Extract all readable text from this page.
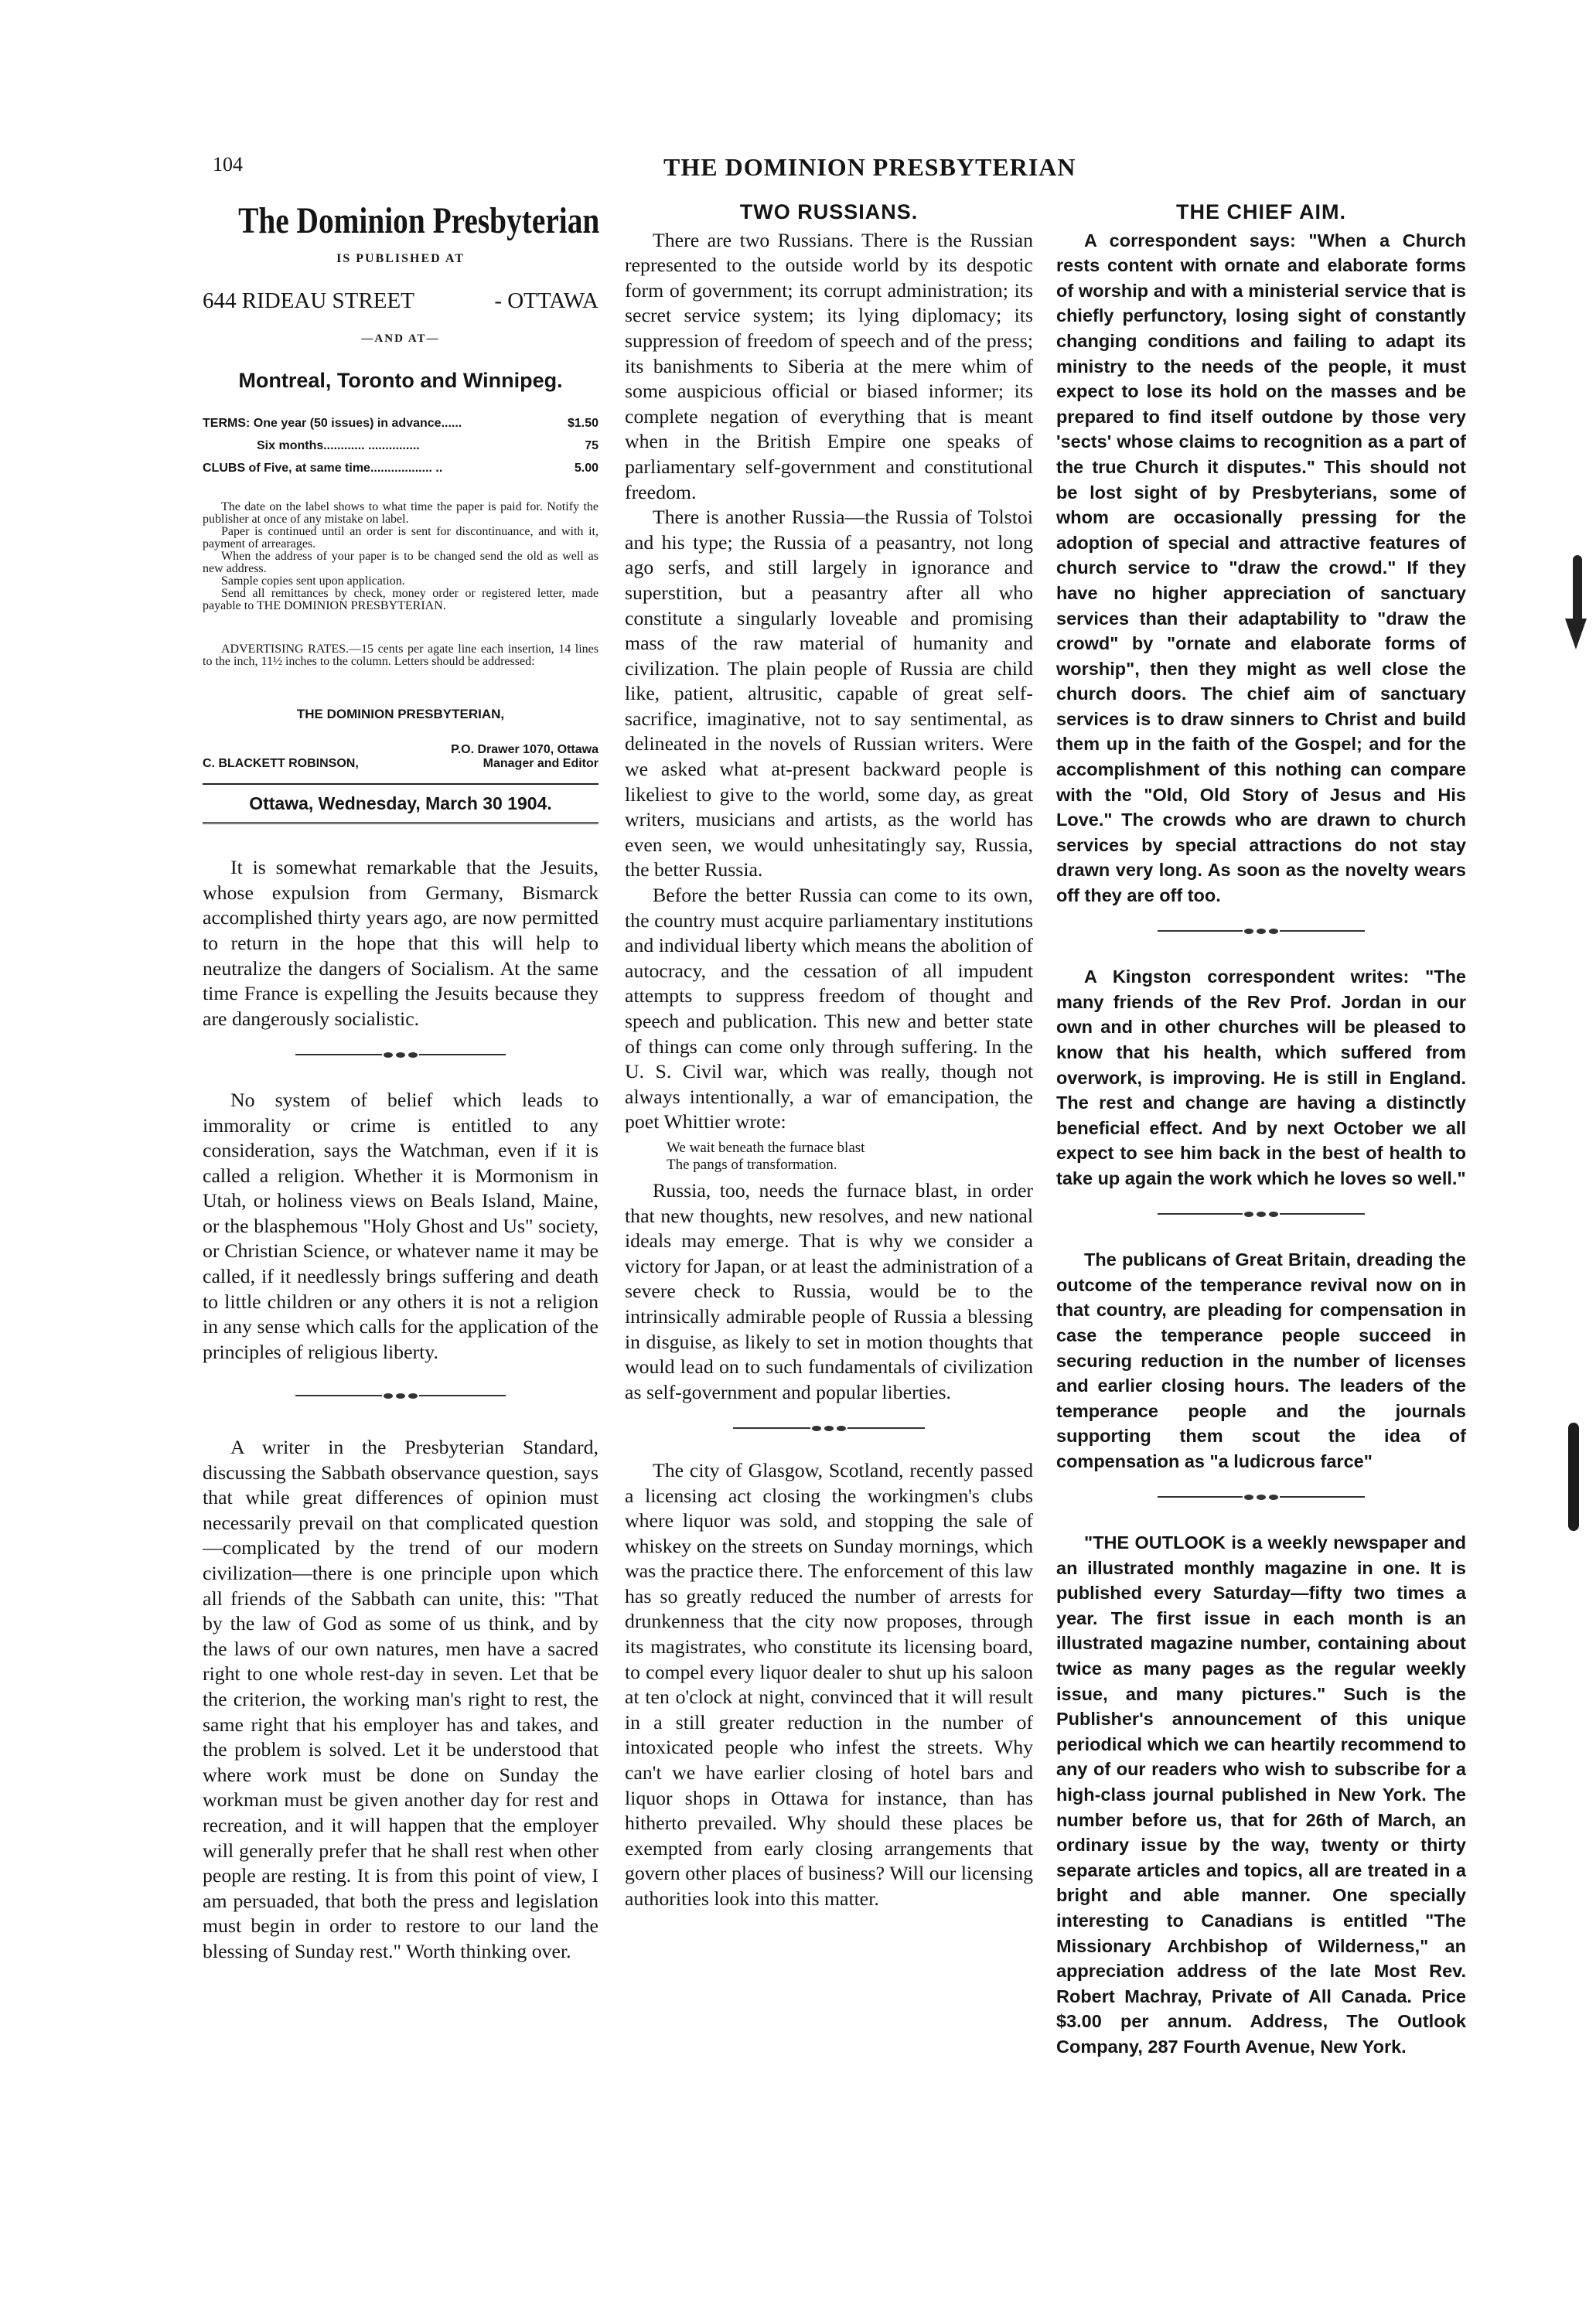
104	THE DOMINION PRESBYTERIAN
The Dominion Presbyterian
IS PUBLISHED AT
644 RIDEAU STREET	- OTTAWA
—AND AT—
Montreal, Toronto and Winnipeg.
TERMS: One year (50 issues) in advance......	$1.50
Six months............ ...............	75
CLUBS of Five, at same time.................. ..	5.00

The date on the label shows to what time the paper is paid for. Notify the publisher at once of any mistake on label.

Paper is continued until an order is sent for discontinuance, and with it, payment of arrearages.

When the address of your paper is to be changed send the old as well as new address.

Sample copies sent upon application.

Send all remittances by check, money order or registered letter, made payable to THE DOMINION PRESBYTERIAN.

ADVERTISING RATES.—15 cents per agate line each insertion, 14 lines to the inch, 11½ inches to the column. Letters should be addressed:

THE DOMINION PRESBYTERIAN,
P.O. Drawer 1070, Ottawa
C. BLACKETT ROBINSON,	Manager and Editor
Ottawa, Wednesday, March 30 1904.

It is somewhat remarkable that the Jesuits, whose expulsion from Germany, Bismarck accomplished thirty years ago, are now permitted to return in the hope that this will help to neutralize the dangers of Socialism. At the same time France is expelling the Jesuits because they are dangerously socialistic.

No system of belief which leads to immorality or crime is entitled to any consideration, says the Watchman, even if it is called a religion. Whether it is Mormonism in Utah, or holiness views on Beals Island, Maine, or the blasphemous "Holy Ghost and Us" society, or Christian Science, or whatever name it may be called, if it needlessly brings suffering and death to little children or any others it is not a religion in any sense which calls for the application of the principles of religious liberty.

A writer in the Presbyterian Standard, discussing the Sabbath observance question, says that while great differences of opinion must necessarily prevail on that complicated question—complicated by the trend of our modern civilization—there is one principle upon which all friends of the Sabbath can unite, this: "That by the law of God as some of us think, and by the laws of our own natures, men have a sacred right to one whole rest-day in seven. Let that be the criterion, the working man's right to rest, the same right that his employer has and takes, and the problem is solved. Let it be understood that where work must be done on Sunday the workman must be given another day for rest and recreation, and it will happen that the employer will generally prefer that he shall rest when other people are resting. It is from this point of view, I am persuaded, that both the press and legislation must begin in order to restore to our land the blessing of Sunday rest." Worth thinking over.

TWO RUSSIANS.

There are two Russians. There is the Russian represented to the outside world by its despotic form of government; its corrupt administration; its secret service system; its lying diplomacy; its suppression of freedom of speech and of the press; its banishments to Siberia at the mere whim of some auspicious official or biased informer; its complete negation of everything that is meant when in the British Empire one speaks of parliamentary self-government and constitutional freedom.

There is another Russia—the Russia of Tolstoi and his type; the Russia of a peasantry, not long ago serfs, and still largely in ignorance and superstition, but a peasantry after all who constitute a singularly loveable and promising mass of the raw material of humanity and civilization. The plain people of Russia are child like, patient, altrusitic, capable of great self-sacrifice, imaginative, not to say sentimental, as delineated in the novels of Russian writers. Were we asked what at-present backward people is likeliest to give to the world, some day, as great writers, musicians and artists, as the world has even seen, we would unhesitatingly say, Russia, the better Russia.

Before the better Russia can come to its own, the country must acquire parliamentary institutions and individual liberty which means the abolition of autocracy, and the cessation of all impudent attempts to suppress freedom of thought and speech and publication. This new and better state of things can come only through suffering. In the U. S. Civil war, which was really, though not always intentionally, a war of emancipation, the poet Whittier wrote:

We wait beneath the furnace blast
The pangs of transformation.

Russia, too, needs the furnace blast, in order that new thoughts, new resolves, and new national ideals may emerge. That is why we consider a victory for Japan, or at least the administration of a severe check to Russia, would be to the intrinsically admirable people of Russia a blessing in disguise, as likely to set in motion thoughts that would lead on to such fundamentals of civilization as self-government and popular liberties.

The city of Glasgow, Scotland, recently passed a licensing act closing the workingmen's clubs where liquor was sold, and stopping the sale of whiskey on the streets on Sunday mornings, which was the practice there. The enforcement of this law has so greatly reduced the number of arrests for drunkenness that the city now proposes, through its magistrates, who constitute its licensing board, to compel every liquor dealer to shut up his saloon at ten o'clock at night, convinced that it will result in a still greater reduction in the number of intoxicated people who infest the streets. Why can't we have earlier closing of hotel bars and liquor shops in Ottawa for instance, than has hitherto prevailed. Why should these places be exempted from early closing arrangements that govern other places of business? Will our licensing authorities look into this matter.

THE CHIEF AIM.

A correspondent says: "When a Church rests content with ornate and elaborate forms of worship and with a ministerial service that is chiefly perfunctory, losing sight of constantly changing conditions and failing to adapt its ministry to the needs of the people, it must expect to lose its hold on the masses and be prepared to find itself outdone by those very 'sects' whose claims to recognition as a part of the true Church it disputes." This should not be lost sight of by Presbyterians, some of whom are occasionally pressing for the adoption of special and attractive features of church service to "draw the crowd." If they have no higher appreciation of sanctuary services than their adaptability to "draw the crowd" by "ornate and elaborate forms of worship", then they might as well close the church doors. The chief aim of sanctuary services is to draw sinners to Christ and build them up in the faith of the Gospel; and for the accomplishment of this nothing can compare with the "Old, Old Story of Jesus and His Love." The crowds who are drawn to church services by special attractions do not stay drawn very long. As soon as the novelty wears off they are off too.

A Kingston correspondent writes: "The many friends of the Rev Prof. Jordan in our own and in other churches will be pleased to know that his health, which suffered from overwork, is improving. He is still in England. The rest and change are having a distinctly beneficial effect. And by next October we all expect to see him back in the best of health to take up again the work which he loves so well."

The publicans of Great Britain, dreading the outcome of the temperance revival now on in that country, are pleading for compensation in case the temperance people succeed in securing reduction in the number of licenses and earlier closing hours. The leaders of the temperance people and the journals supporting them scout the idea of compensation as "a ludicrous farce"

"THE OUTLOOK is a weekly newspaper and an illustrated monthly magazine in one. It is published every Saturday—fifty two times a year. The first issue in each month is an illustrated magazine number, containing about twice as many pages as the regular weekly issue, and many pictures." Such is the Publisher's announcement of this unique periodical which we can heartily recommend to any of our readers who wish to subscribe for a high-class journal published in New York. The number before us, that for 26th of March, an ordinary issue by the way, twenty or thirty separate articles and topics, all are treated in a bright and able manner. One specially interesting to Canadians is entitled "The Missionary Archbishop of Wilderness," an appreciation address of the late Most Rev. Robert Machray, Private of All Canada. Price $3.00 per annum. Address, The Outlook Company, 287 Fourth Avenue, New York.
